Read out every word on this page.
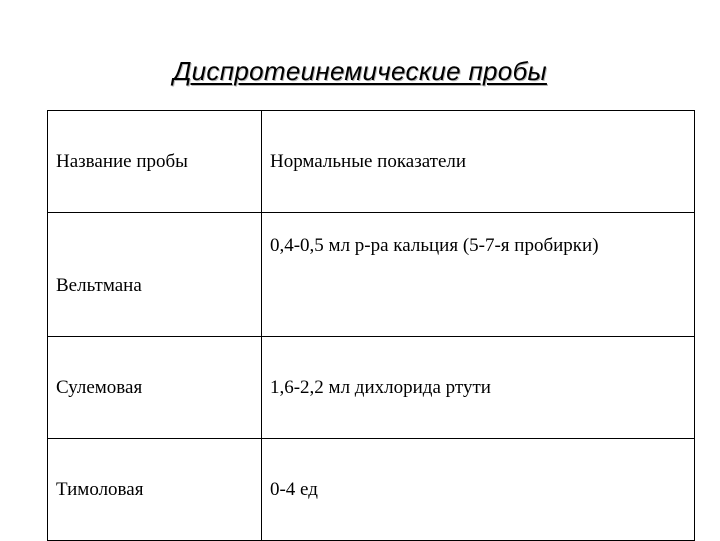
Диспротеинемические пробы
Название пробы	Нормальные показатели
Вельтмана	0,4-0,5 мл р-ра кальция (5-7-я пробирки)

Сулемовая	1,6-2,2 мл дихлорида ртути
Тимоловая	0-4 ед
